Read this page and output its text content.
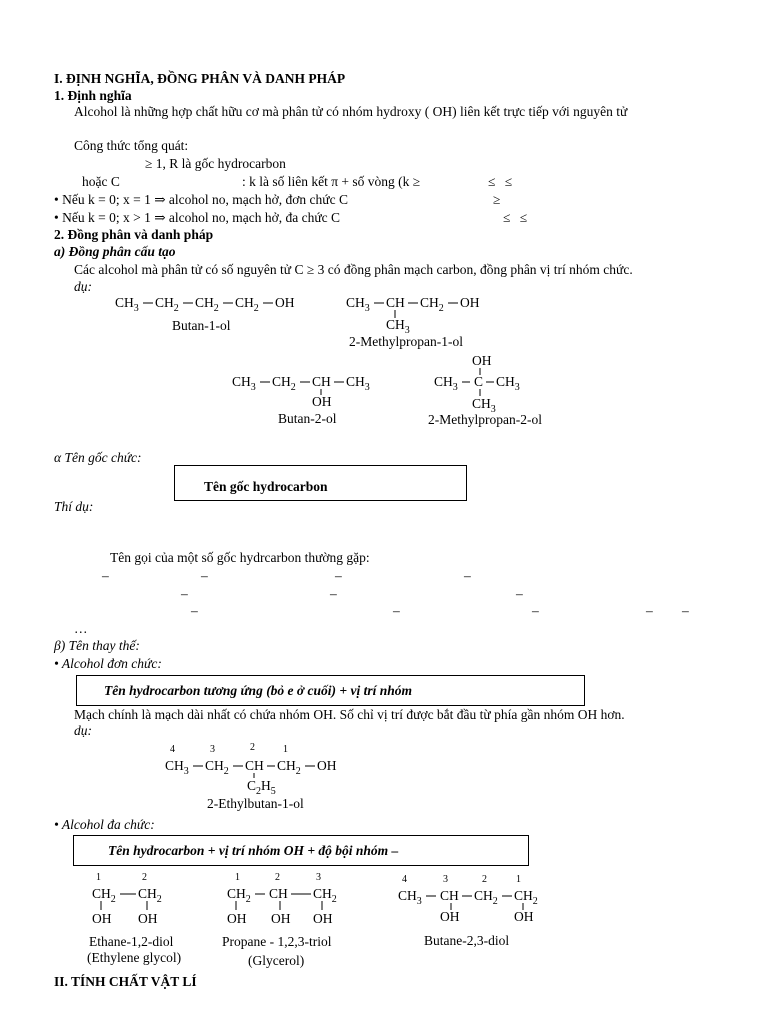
I. ĐỊNH NGHĨA, ĐỒNG PHÂN VÀ DANH PHÁP
1. Định nghĩa
Alcohol là những hợp chất hữu cơ mà phân tử có nhóm hydroxy ( OH) liên kết trực tiếp với nguyên tử
Công thức tổng quát:
≥ 1, R là gốc hydrocarbon
hoặc C	: k là số liên kết π + số vòng (k ≥	≤ ≤
• Nếu k = 0; x = 1 ⇒ alcohol no, mạch hở, đơn chức C	≥
• Nếu k = 0; x > 1 ⇒ alcohol no, mạch hở, đa chức C	≤ ≤
2. Đồng phân và danh pháp
a) Đồng phân cấu tạo
Các alcohol mà phân tử có số nguyên tử C ≥ 3 có đồng phân mạch carbon, đồng phân vị trí nhóm chức.
dụ:
$CH_3$ $CH_2$ $CH_2$ $CH_2$ OH
Butan-1-ol
$CH_3$ CH $CH_2$ OH
$CH_3$
2-Methylpropan-1-ol
$CH_3$ $CH_2$ CH $CH_3$
OH
Butan-2-ol
OH
$CH_3$ C $CH_3$
$CH_3$
2-Methylpropan-2-ol
α Tên gốc chức:
Tên gốc hydrocarbon
Thí dụ:
Tên gọi của một số gốc hydrcarbon thường gặp:
–	–	–	–
–	–	–
–	–	–	– –
…
β) Tên thay thế:
• Alcohol đơn chức:
Tên hydrocarbon tương ứng (bỏ e ở cuối) + vị trí nhóm
Mạch chính là mạch dài nhất có chứa nhóm OH. Số chỉ vị trí được bắt đầu từ phía gần nhóm OH hơn.
dụ:
4	3	2	1
$CH_3$ $CH_2$ CH $CH_2$ OH
$C_2H_5$
2-Ethylbutan-1-ol
• Alcohol đa chức:
Tên hydrocarbon + vị trí nhóm OH + độ bội nhóm –
1	2
$CH_2$ $CH_2$
OH OH
Ethane-1,2-diol
(Ethylene glycol)
1	2	3
$CH_2$ CH $CH_2$
OH OH OH
Propane - 1,2,3-triol
(Glycerol)
4	3	2	1
$CH_3$ CH $CH_2$ $CH_2$
OH	OH
Butane-2,3-diol
II. TÍNH CHẤT VẬT LÍ
